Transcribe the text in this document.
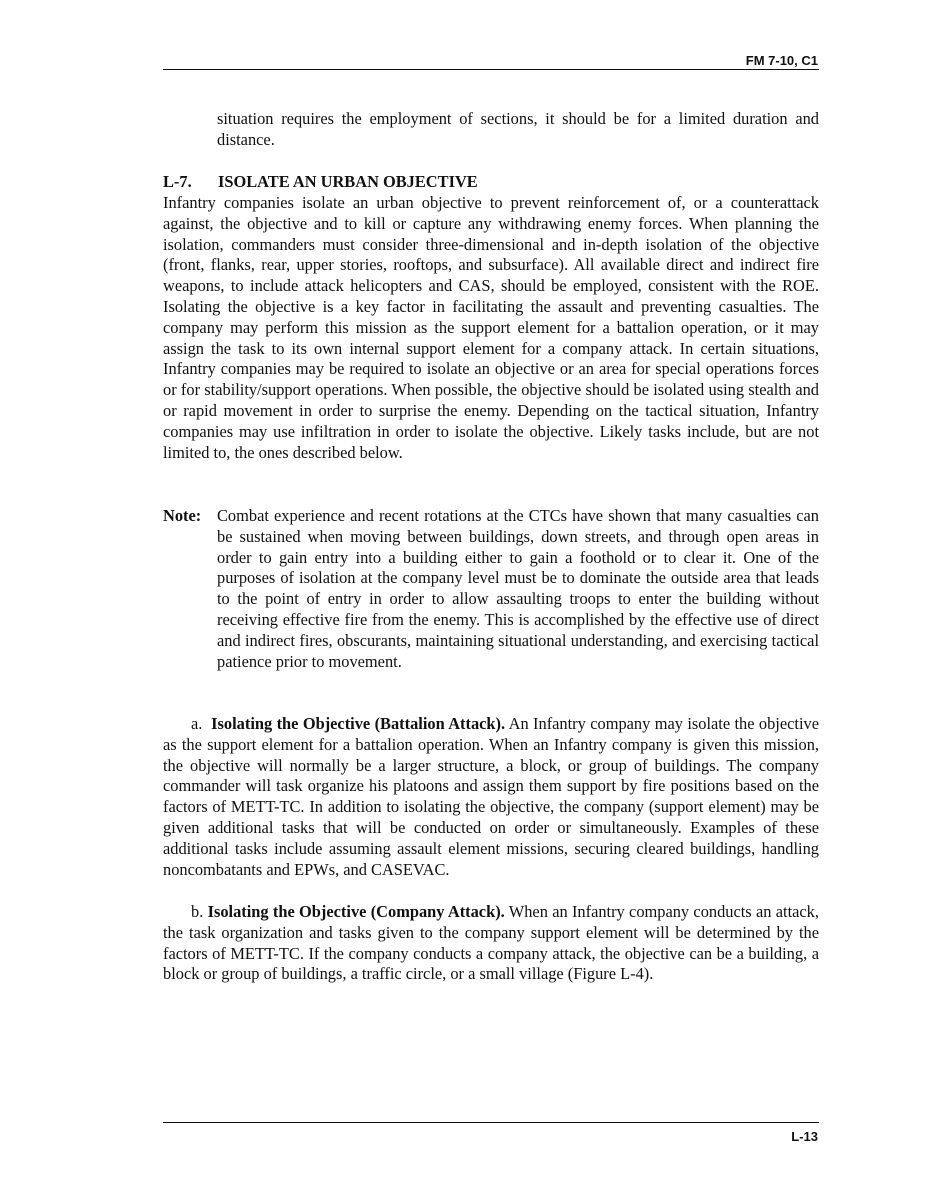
FM 7-10, C1

situation requires the employment of sections, it should be for a limited duration and distance.

L-7. ISOLATE AN URBAN OBJECTIVE

Infantry companies isolate an urban objective to prevent reinforcement of, or a counterattack against, the objective and to kill or capture any withdrawing enemy forces. When planning the isolation, commanders must consider three-dimensional and in-depth isolation of the objective (front, flanks, rear, upper stories, rooftops, and subsurface). All available direct and indirect fire weapons, to include attack helicopters and CAS, should be employed, consistent with the ROE. Isolating the objective is a key factor in facilitating the assault and preventing casualties. The company may perform this mission as the support element for a battalion operation, or it may assign the task to its own internal support element for a company attack. In certain situations, Infantry companies may be required to isolate an objective or an area for special operations forces or for stability/support operations. When possible, the objective should be isolated using stealth and or rapid movement in order to surprise the enemy. Depending on the tactical situation, Infantry companies may use infiltration in order to isolate the objective. Likely tasks include, but are not limited to, the ones described below.

Note: Combat experience and recent rotations at the CTCs have shown that many casualties can be sustained when moving between buildings, down streets, and through open areas in order to gain entry into a building either to gain a foothold or to clear it. One of the purposes of isolation at the company level must be to dominate the outside area that leads to the point of entry in order to allow assaulting troops to enter the building without receiving effective fire from the enemy. This is accomplished by the effective use of direct and indirect fires, obscurants, maintaining situational understanding, and exercising tactical patience prior to movement.

a. Isolating the Objective (Battalion Attack). An Infantry company may isolate the objective as the support element for a battalion operation. When an Infantry company is given this mission, the objective will normally be a larger structure, a block, or group of buildings. The company commander will task organize his platoons and assign them support by fire positions based on the factors of METT-TC. In addition to isolating the objective, the company (support element) may be given additional tasks that will be conducted on order or simultaneously. Examples of these additional tasks include assuming assault element missions, securing cleared buildings, handling noncombatants and EPWs, and CASEVAC.

b. Isolating the Objective (Company Attack). When an Infantry company conducts an attack, the task organization and tasks given to the company support element will be determined by the factors of METT-TC. If the company conducts a company attack, the objective can be a building, a block or group of buildings, a traffic circle, or a small village (Figure L-4).

L-13
